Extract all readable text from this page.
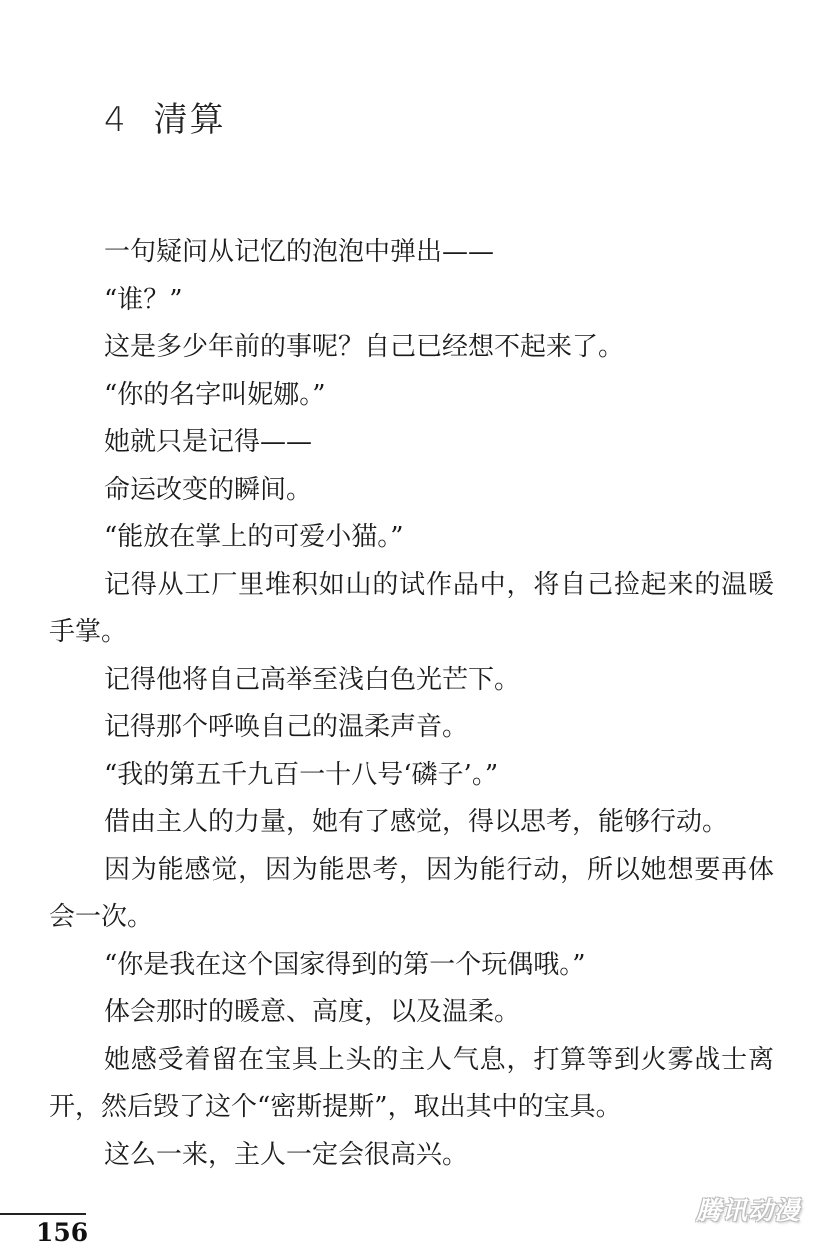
4 清算

一句疑问从记忆的泡泡中弹出——

“谁？”

这是多少年前的事呢？自己已经想不起来了。

“你的名字叫妮娜。”

她就只是记得——

命运改变的瞬间。

“能放在掌上的可爱小猫。”

记得从工厂里堆积如山的试作品中，将自己捡起来的温暖手掌。

记得他将自己高举至浅白色光芒下。

记得那个呼唤自己的温柔声音。

“我的第五千九百一十八号‘磷子’。”

借由主人的力量，她有了感觉，得以思考，能够行动。

因为能感觉，因为能思考，因为能行动，所以她想要再体会一次。

“你是我在这个国家得到的第一个玩偶哦。”

体会那时的暖意、高度，以及温柔。

她感受着留在宝具上头的主人气息，打算等到火雾战士离开，然后毁了这个“密斯提斯”，取出其中的宝具。

这么一来，主人一定会很高兴。

156
腾讯动漫
